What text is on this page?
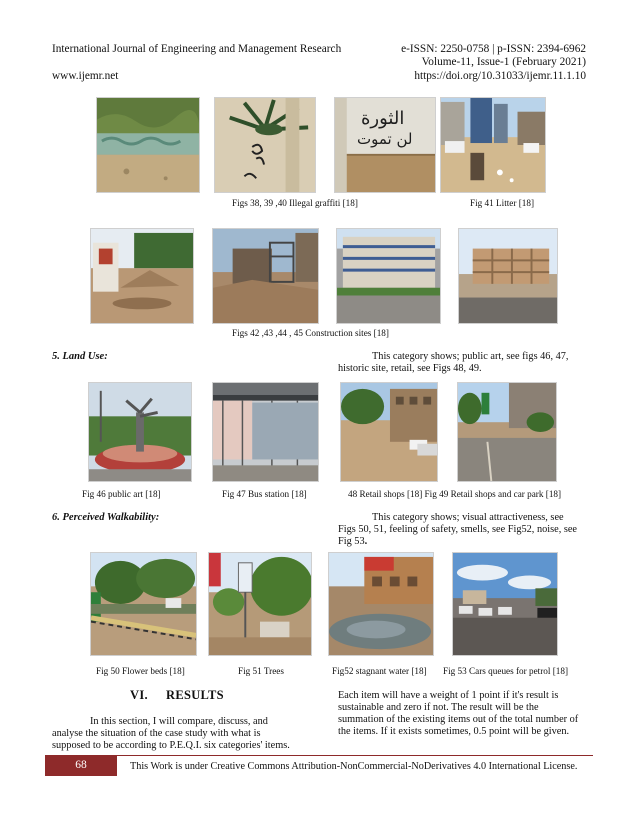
International Journal of Engineering and Management Research	e-ISSN: 2250-0758 | p-ISSN: 2394-6962
Volume-11, Issue-1 (February 2021)
www.ijemr.net	https://doi.org/10.31033/ijemr.11.1.10
الثورة
لن تموت
Figs 38, 39 ,40 Illegal graffiti [18]	Fig 41 Litter [18]
Figs 42 ,43 ,44 , 45 Construction sites [18]
5. Land Use:	This category shows; public art, see figs 46, 47,
historic site, retail, see Figs 48, 49.
Fig 46 public art [18]	Fig 47 Bus station [18]	48 Retail shops [18] Fig 49 Retail shops and car park [18]
6. Perceived Walkability:	This category shows; visual attractiveness, see
Figs 50, 51, feeling of safety, smells, see Fig52, noise, see
Fig 53.
Fig 50 Flower beds [18]	Fig 51 Trees	Fig52 stagnant water [18] Fig 53 Cars queues for petrol [18]
VI. RESULTS
In this section, I will compare, discuss, and
analyse the situation of the case study with what is
supposed to be according to P.E.Q.I. six categories' items.
Each item will have a weight of 1 point if it's result is
sustainable and zero if not. The result will be the
summation of the existing items out of the total number of
the items. If it exists sometimes, 0.5 point will be given.
68	This Work is under Creative Commons Attribution-NonCommercial-NoDerivatives 4.0 International License.
